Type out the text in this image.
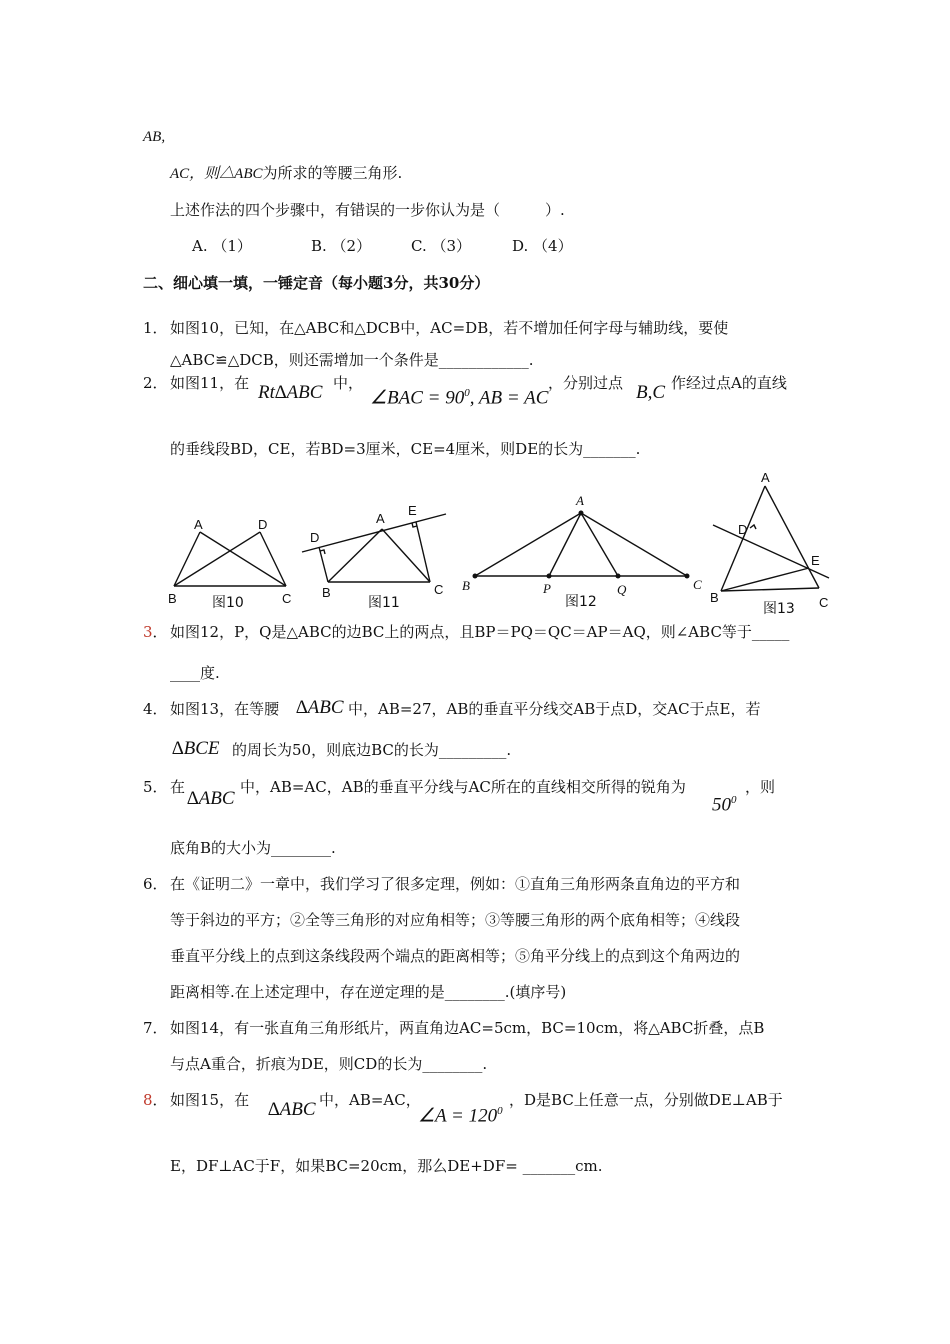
AB,
AC，则△ABC为所求的等腰三角形.
上述作法的四个步骤中，有错误的一步你认为是（　　　）.
A. （1）	B. （2）	C. （3）	D. （4）
二、细心填一填，一锤定音（每小题3分，共30分）
1． 如图10，已知，在△ABC和△DCB中，AC=DB，若不增加任何字母与辅助线，要使
△ABC≌△DCB，则还需增加一个条件是____________.
2． 如图11，在 Rt∆ABC 中，
∠BAC = $90^0$, AB = AC
，分别过点 B,C 作经过点A的直线
的垂线段BD，CE，若BD=3厘米，CE=4厘米，则DE的长为_______.
A	D
B	C
图10
A
E
D
B	C
图11
A
B	P	Q	C
图12
A
D
E
B	C
图13
3． 如图12，P，Q是△ABC的边BC上的两点，且BP＝PQ＝QC＝AP＝AQ，则∠ABC等于_____
____度.
4． 如图13，在等腰 ∆ABC 中，AB=27，AB的垂直平分线交AB于点D，交AC于点E，若
∆BCE 的周长为50，则底边BC的长为_________.
5． 在
∆ABC
中，AB=AC，AB的垂直平分线与AC所在的直线相交所得的锐角为
$50^0$
，则
底角B的大小为________.
6． 在《证明二》一章中，我们学习了很多定理，例如：①直角三角形两条直角边的平方和
等于斜边的平方；②全等三角形的对应角相等；③等腰三角形的两个底角相等；④线段
垂直平分线上的点到这条线段两个端点的距离相等；⑤角平分线上的点到这个角两边的
距离相等.在上述定理中，存在逆定理的是________.(填序号)
7． 如图14，有一张直角三角形纸片，两直角边AC=5cm，BC=10cm，将△ABC折叠，点B
与点A重合，折痕为DE，则CD的长为________.
8． 如图15，在 ∆ABC 中，AB=AC，
∠A = $120^0$
，D是BC上任意一点，分别做DE⊥AB于
E，DF⊥AC于F，如果BC=20cm，那么DE+DF= _______cm.
